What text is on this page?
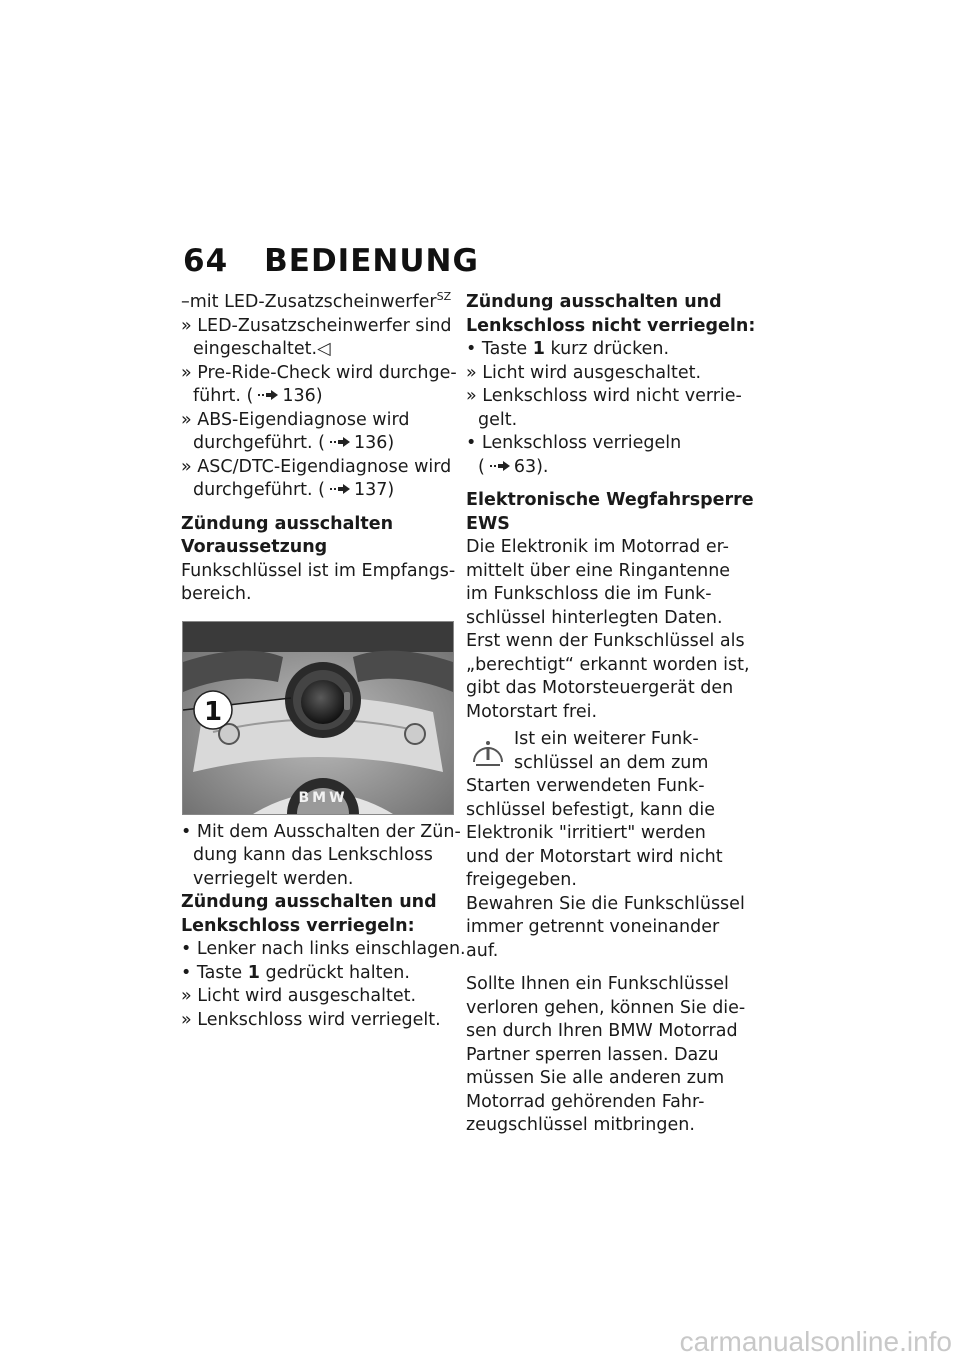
64 BEDIENUNG
–mit LED-Zusatzscheinwerfer$^{SZ}$
» LED-Zusatzscheinwerfer sind
eingeschaltet.◁
» Pre-Ride-Check wird durchge-
führt. ( 136)
» ABS-Eigendiagnose wird
durchgeführt. ( 136)
» ASC/DTC-Eigendiagnose wird
durchgeführt. ( 137)
Zündung ausschalten
Voraussetzung
Funkschlüssel ist im Empfangs-
bereich.
1
BMW
• Mit dem Ausschalten der Zün-
dung kann das Lenkschloss
verriegelt werden.
Zündung ausschalten und
Lenkschloss verriegeln:
• Lenker nach links einschlagen.
• Taste 1 gedrückt halten.
» Licht wird ausgeschaltet.
» Lenkschloss wird verriegelt.
Zündung ausschalten und
Lenkschloss nicht verriegeln:
• Taste 1 kurz drücken.
» Licht wird ausgeschaltet.
» Lenkschloss wird nicht verrie-
gelt.
• Lenkschloss verriegeln
( 63).
Elektronische Wegfahrsperre
EWS
Die Elektronik im Motorrad er-
mittelt über eine Ringantenne
im Funkschloss die im Funk-
schlüssel hinterlegten Daten.
Erst wenn der Funkschlüssel als
„berechtigt“ erkannt worden ist,
gibt das Motorsteuergerät den
Motorstart frei.
Ist ein weiterer Funk-
schlüssel an dem zum
Starten verwendeten Funk-
schlüssel befestigt, kann die
Elektronik "irritiert" werden
und der Motorstart wird nicht
freigegeben.
Bewahren Sie die Funkschlüssel
immer getrennt voneinander
auf.
Sollte Ihnen ein Funkschlüssel
verloren gehen, können Sie die-
sen durch Ihren BMW Motorrad
Partner sperren lassen. Dazu
müssen Sie alle anderen zum
Motorrad gehörenden Fahr-
zeugschlüssel mitbringen.
carmanualsonline.info
